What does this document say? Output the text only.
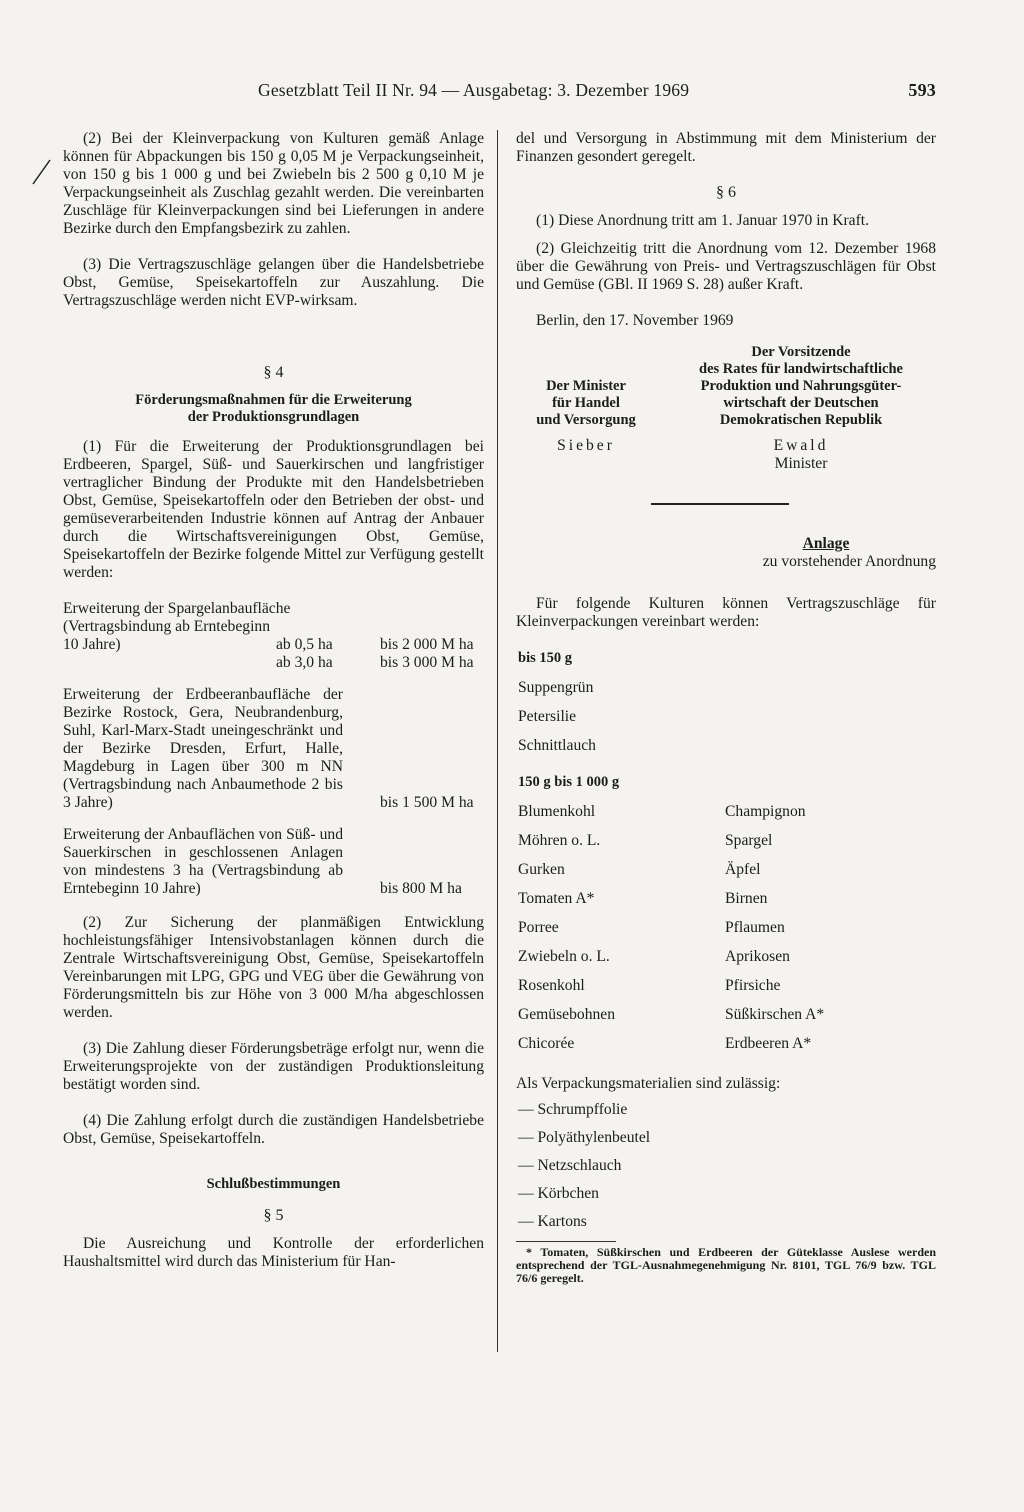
Gesetzblatt Teil II Nr. 94 — Ausgabetag: 3. Dezember 1969	593

(2) Bei der Kleinverpackung von Kulturen gemäß Anlage können für Abpackungen bis 150 g 0,05 M je Verpackungseinheit, von 150 g bis 1 000 g und bei Zwiebeln bis 2 500 g 0,10 M je Verpackungseinheit als Zuschlag gezahlt werden. Die vereinbarten Zuschläge für Kleinverpackungen sind bei Lieferungen in andere Bezirke durch den Empfangsbezirk zu zahlen.

(3) Die Vertragszuschläge gelangen über die Handelsbetriebe Obst, Gemüse, Speisekartoffeln zur Auszahlung. Die Vertragszuschläge werden nicht EVP-wirksam.

§ 4
Förderungsmaßnahmen für die Erweiterung
der Produktionsgrundlagen

(1) Für die Erweiterung der Produktionsgrundlagen bei Erdbeeren, Spargel, Süß- und Sauerkirschen und langfristiger vertraglicher Bindung der Produkte mit den Handelsbetrieben Obst, Gemüse, Speisekartoffeln oder den Betrieben der obst- und gemüseverarbeitenden Industrie können auf Antrag der Anbauer durch die Wirtschaftsvereinigungen Obst, Gemüse, Speisekartoffeln der Bezirke folgende Mittel zur Verfügung gestellt werden:

Erweiterung der Spargelanbaufläche
(Vertragsbindung ab Erntebeginn
10 Jahre)	ab 0,5 ha	bis 2 000 M ha
ab 3,0 ha	bis 3 000 M ha

Erweiterung der Erdbeeranbaufläche der Bezirke Rostock, Gera, Neubrandenburg, Suhl, Karl-Marx-Stadt uneingeschränkt und der Bezirke Dresden, Erfurt, Halle, Magdeburg in Lagen über 300 m NN (Vertragsbindung nach Anbaumethode 2 bis 3 Jahre)	bis 1 500 M ha

Erweiterung der Anbauflächen von Süß- und Sauerkirschen in geschlossenen Anlagen von mindestens 3 ha (Vertragsbindung ab Erntebeginn 10 Jahre)	bis 800 M ha

(2) Zur Sicherung der planmäßigen Entwicklung hochleistungsfähiger Intensivobstanlagen können durch die Zentrale Wirtschaftsvereinigung Obst, Gemüse, Speisekartoffeln Vereinbarungen mit LPG, GPG und VEG über die Gewährung von Förderungsmitteln bis zur Höhe von 3 000 M/ha abgeschlossen werden.

(3) Die Zahlung dieser Förderungsbeträge erfolgt nur, wenn die Erweiterungsprojekte von der zuständigen Produktionsleitung bestätigt worden sind.

(4) Die Zahlung erfolgt durch die zuständigen Handelsbetriebe Obst, Gemüse, Speisekartoffeln.

Schlußbestimmungen
§ 5

Die Ausreichung und Kontrolle der erforderlichen Haushaltsmittel wird durch das Ministerium für Han-

del und Versorgung in Abstimmung mit dem Ministerium der Finanzen gesondert geregelt.

§ 6

(1) Diese Anordnung tritt am 1. Januar 1970 in Kraft.

(2) Gleichzeitig tritt die Anordnung vom 12. Dezember 1968 über die Gewährung von Preis- und Vertragszuschlägen für Obst und Gemüse (GBl. II 1969 S. 28) außer Kraft.

Berlin, den 17. November 1969

Der Minister
für Handel
und Versorgung
Der Vorsitzende
des Rates für landwirtschaftliche
Produktion und Nahrungsgüter-
wirtschaft der Deutschen
Demokratischen Republik
Sieber	Ewald
Minister
Anlage
zu vorstehender Anordnung

Für folgende Kulturen können Vertragszuschläge für Kleinverpackungen vereinbart werden:

bis 150 g
Suppengrün
Petersilie
Schnittlauch
150 g bis 1 000 g
Blumenkohl	Champignon
Möhren o. L.	Spargel
Gurken	Äpfel
Tomaten A*	Birnen
Porree	Pflaumen
Zwiebeln o. L.	Aprikosen
Rosenkohl	Pfirsiche
Gemüsebohnen	Süßkirschen A*
Chicorée	Erdbeeren A*

Als Verpackungsmaterialien sind zulässig:

— Schrumpffolie
— Polyäthylenbeutel
— Netzschlauch
— Körbchen
— Kartons

* Tomaten, Süßkirschen und Erdbeeren der Güteklasse Auslese werden entsprechend der TGL-Ausnahmegenehmigung Nr. 8101, TGL 76/9 bzw. TGL 76/6 geregelt.
